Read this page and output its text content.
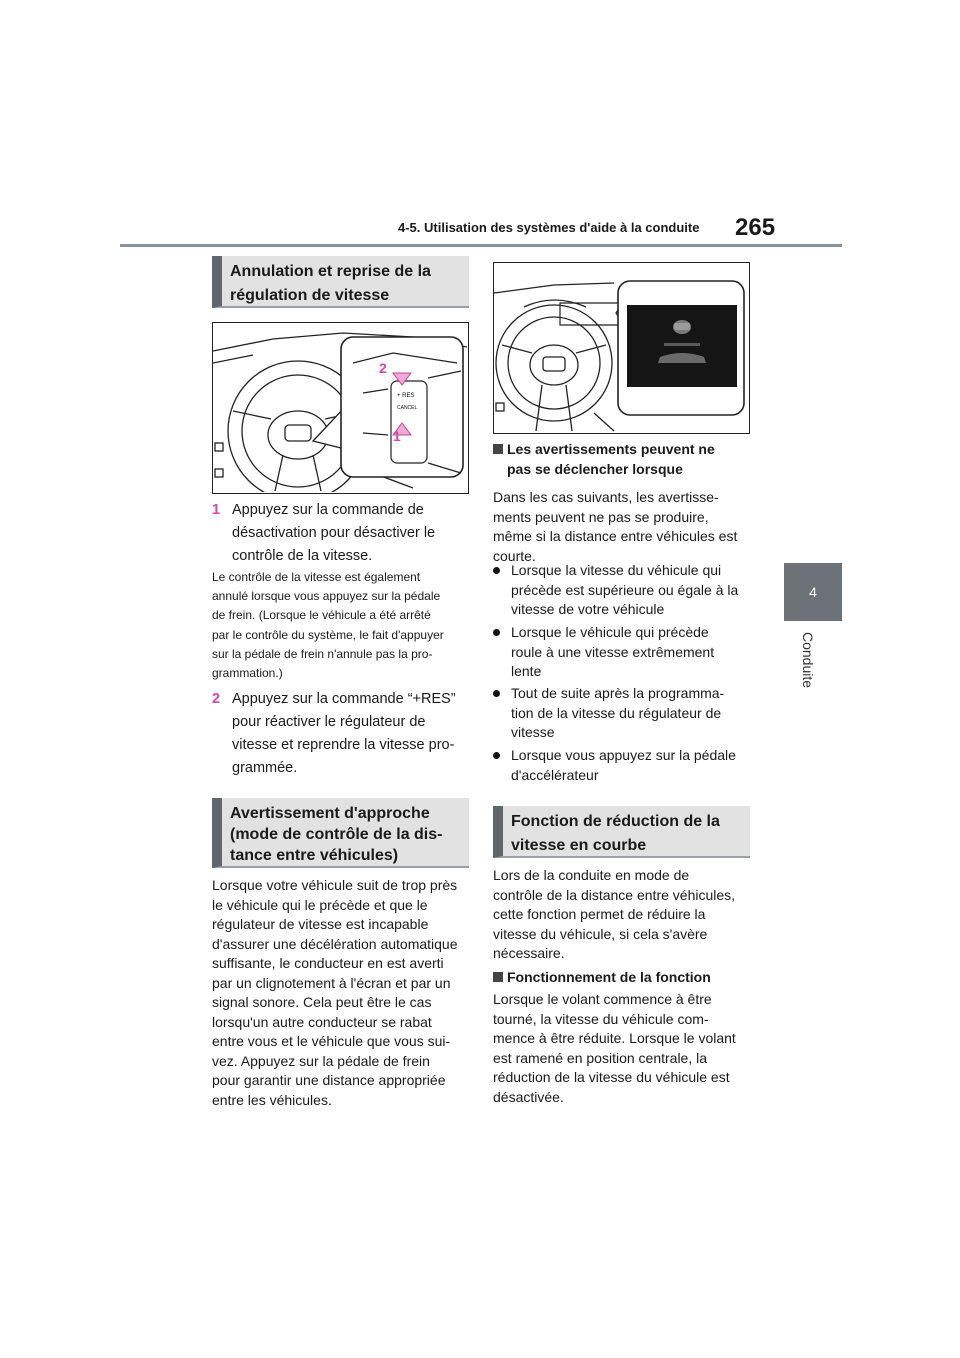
4-5. Utilisation des systèmes d'aide à la conduite 265
4
Conduite
Annulation et reprise de la
régulation de vitesse
+ RES
CANCEL
2
1
1 Appuyez sur la commande de
désactivation pour désactiver le
contrôle de la vitesse.
Le contrôle de la vitesse est également
annulé lorsque vous appuyez sur la pédale
de frein. (Lorsque le véhicule a été arrêté
par le contrôle du système, le fait d'appuyer
sur la pédale de frein n'annule pas la pro-
grammation.)
2 Appuyez sur la commande “+RES”
pour réactiver le régulateur de
vitesse et reprendre la vitesse pro-
grammée.
Avertissement d'approche
(mode de contrôle de la dis-
tance entre véhicules)
Lorsque votre véhicule suit de trop près
le véhicule qui le précède et que le
régulateur de vitesse est incapable
d'assurer une décélération automatique
suffisante, le conducteur en est averti
par un clignotement à l'écran et par un
signal sonore. Cela peut être le cas
lorsqu'un autre conducteur se rabat
entre vous et le véhicule que vous sui-
vez. Appuyez sur la pédale de frein
pour garantir une distance appropriée
entre les véhicules.
Les avertissements peuvent ne
pas se déclencher lorsque
Dans les cas suivants, les avertisse-
ments peuvent ne pas se produire,
même si la distance entre véhicules est
courte.
Lorsque la vitesse du véhicule qui
précède est supérieure ou égale à la
vitesse de votre véhicule
Lorsque le véhicule qui précède
roule à une vitesse extrêmement
lente
Tout de suite après la programma-
tion de la vitesse du régulateur de
vitesse
Lorsque vous appuyez sur la pédale
d'accélérateur
Fonction de réduction de la
vitesse en courbe
Lors de la conduite en mode de
contrôle de la distance entre véhicules,
cette fonction permet de réduire la
vitesse du véhicule, si cela s'avère
nécessaire.
Fonctionnement de la fonction
Lorsque le volant commence à être
tourné, la vitesse du véhicule com-
mence à être réduite. Lorsque le volant
est ramené en position centrale, la
réduction de la vitesse du véhicule est
désactivée.
